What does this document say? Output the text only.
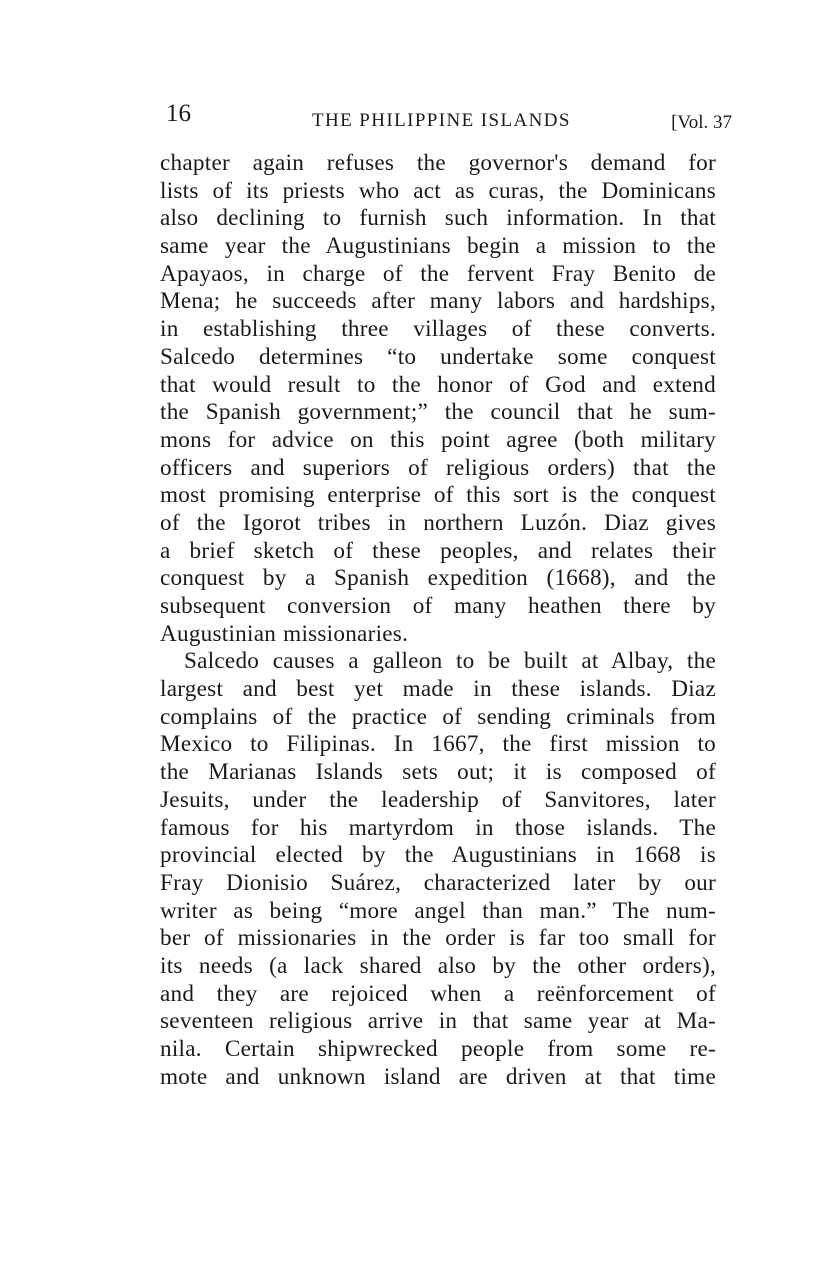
16	THE PHILIPPINE ISLANDS	[Vol. 37
chapter again refuses the governor's demand for
lists of its priests who act as curas, the Dominicans
also declining to furnish such information. In that
same year the Augustinians begin a mission to the
Apayaos, in charge of the fervent Fray Benito de
Mena; he succeeds after many labors and hardships,
in establishing three villages of these converts.
Salcedo determines “to undertake some conquest
that would result to the honor of God and extend
the Spanish government;” the council that he sum-
mons for advice on this point agree (both military
officers and superiors of religious orders) that the
most promising enterprise of this sort is the conquest
of the Igorot tribes in northern Luzón. Diaz gives
a brief sketch of these peoples, and relates their
conquest by a Spanish expedition (1668), and the
subsequent conversion of many heathen there by
Augustinian missionaries.
Salcedo causes a galleon to be built at Albay, the
largest and best yet made in these islands. Diaz
complains of the practice of sending criminals from
Mexico to Filipinas. In 1667, the first mission to
the Marianas Islands sets out; it is composed of
Jesuits, under the leadership of Sanvitores, later
famous for his martyrdom in those islands. The
provincial elected by the Augustinians in 1668 is
Fray Dionisio Suárez, characterized later by our
writer as being “more angel than man.” The num-
ber of missionaries in the order is far too small for
its needs (a lack shared also by the other orders),
and they are rejoiced when a reënforcement of
seventeen religious arrive in that same year at Ma-
nila. Certain shipwrecked people from some re-
mote and unknown island are driven at that time
